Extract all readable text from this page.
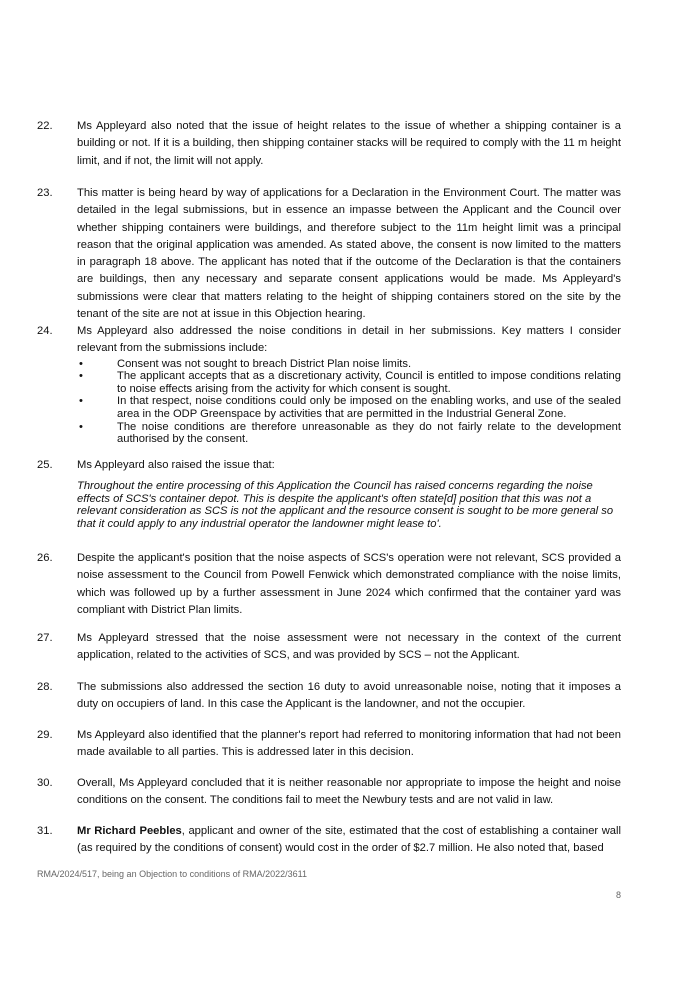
22.	Ms Appleyard also noted that the issue of height relates to the issue of whether a shipping container is a building or not. If it is a building, then shipping container stacks will be required to comply with the 11 m height limit, and if not, the limit will not apply.
23.	This matter is being heard by way of applications for a Declaration in the Environment Court. The matter was detailed in the legal submissions, but in essence an impasse between the Applicant and the Council over whether shipping containers were buildings, and therefore subject to the 11m height limit was a principal reason that the original application was amended. As stated above, the consent is now limited to the matters in paragraph 18 above. The applicant has noted that if the outcome of the Declaration is that the containers are buildings, then any necessary and separate consent applications would be made. Ms Appleyard's submissions were clear that matters relating to the height of shipping containers stored on the site by the tenant of the site are not at issue in this Objection hearing.
24.	Ms Appleyard also addressed the noise conditions in detail in her submissions. Key matters I consider relevant from the submissions include:
•	Consent was not sought to breach District Plan noise limits.
•	The applicant accepts that as a discretionary activity, Council is entitled to impose conditions relating to noise effects arising from the activity for which consent is sought.
•	In that respect, noise conditions could only be imposed on the enabling works, and use of the sealed area in the ODP Greenspace by activities that are permitted in the Industrial General Zone.
•	The noise conditions are therefore unreasonable as they do not fairly relate to the development authorised by the consent.
25.	Ms Appleyard also raised the issue that:
Throughout the entire processing of this Application the Council has raised concerns regarding the noise effects of SCS's container depot. This is despite the applicant's often state[d] position that this was not a relevant consideration as SCS is not the applicant and the resource consent is sought to be more general so that it could apply to any industrial operator the landowner might lease to'.
26.	Despite the applicant's position that the noise aspects of SCS's operation were not relevant, SCS provided a noise assessment to the Council from Powell Fenwick which demonstrated compliance with the noise limits, which was followed up by a further assessment in June 2024 which confirmed that the container yard was compliant with District Plan limits.
27.	Ms Appleyard stressed that the noise assessment were not necessary in the context of the current application, related to the activities of SCS, and was provided by SCS – not the Applicant.
28.	The submissions also addressed the section 16 duty to avoid unreasonable noise, noting that it imposes a duty on occupiers of land. In this case the Applicant is the landowner, and not the occupier.
29.	Ms Appleyard also identified that the planner's report had referred to monitoring information that had not been made available to all parties. This is addressed later in this decision.
30.	Overall, Ms Appleyard concluded that it is neither reasonable nor appropriate to impose the height and noise conditions on the consent. The conditions fail to meet the Newbury tests and are not valid in law.
31.	Mr Richard Peebles, applicant and owner of the site, estimated that the cost of establishing a container wall (as required by the conditions of consent) would cost in the order of $2.7 million. He also noted that, based
RMA/2024/517, being an Objection to conditions of RMA/2022/3611
8
